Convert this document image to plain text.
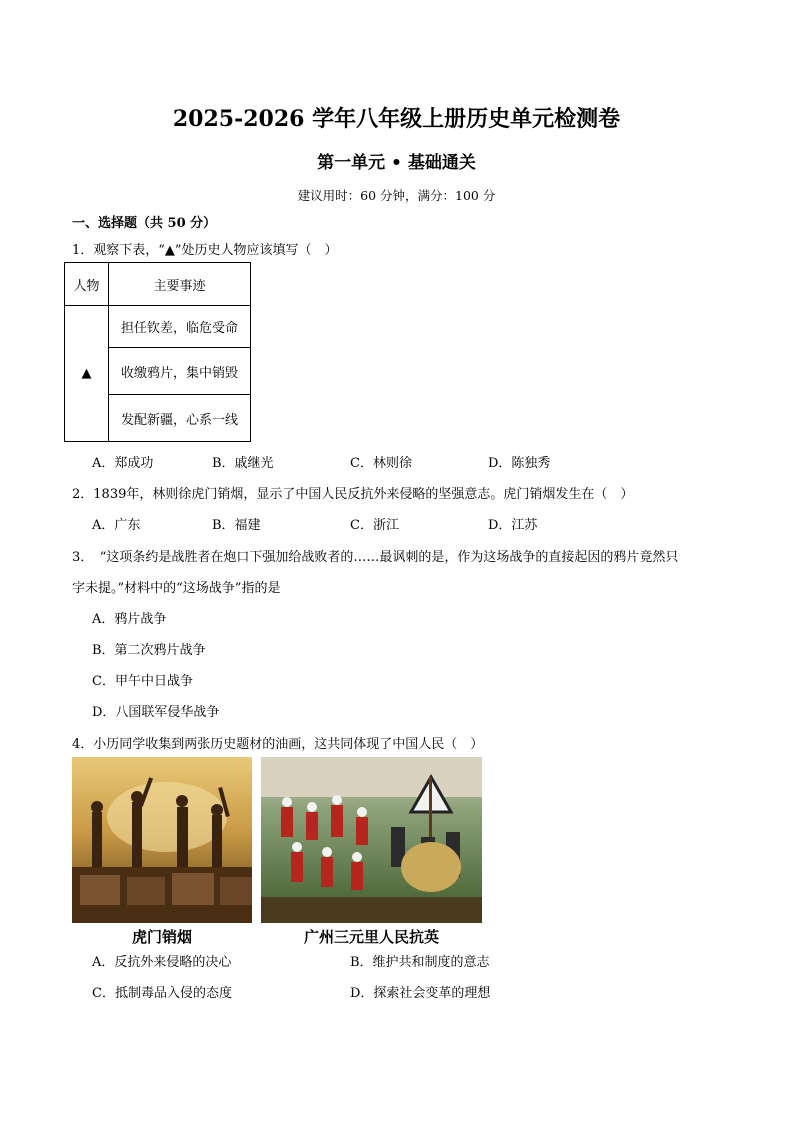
2025-2026 学年八年级上册历史单元检测卷
第一单元 • 基础通关
建议用时：60 分钟，满分：100 分
一、选择题（共 50 分）
1．观察下表，“▲”处历史人物应该填写（　）
人物	主要事迹
▲	担任钦差，临危受命
	收缴鸦片，集中销毁
	发配新疆，心系一线
A．郑成功	B．戚继光	C．林则徐	D．陈独秀
2．1839年，林则徐虎门销烟，显示了中国人民反抗外来侵略的坚强意志。虎门销烟发生在（　）
A．广东	B．福建	C．浙江	D．江苏
3．　“这项条约是战胜者在炮口下强加给战败者的……最讽刺的是，作为这场战争的直接起因的鸦片竟然只
字未提。”材料中的“这场战争”指的是
A．鸦片战争
B．第二次鸦片战争
C．甲午中日战争
D．八国联军侵华战争
4．小历同学收集到两张历史题材的油画，这共同体现了中国人民（　）
虎门销烟	广州三元里人民抗英
A．反抗外来侵略的决心	B．维护共和制度的意志
C．抵制毒品入侵的态度	D．探索社会变革的理想
